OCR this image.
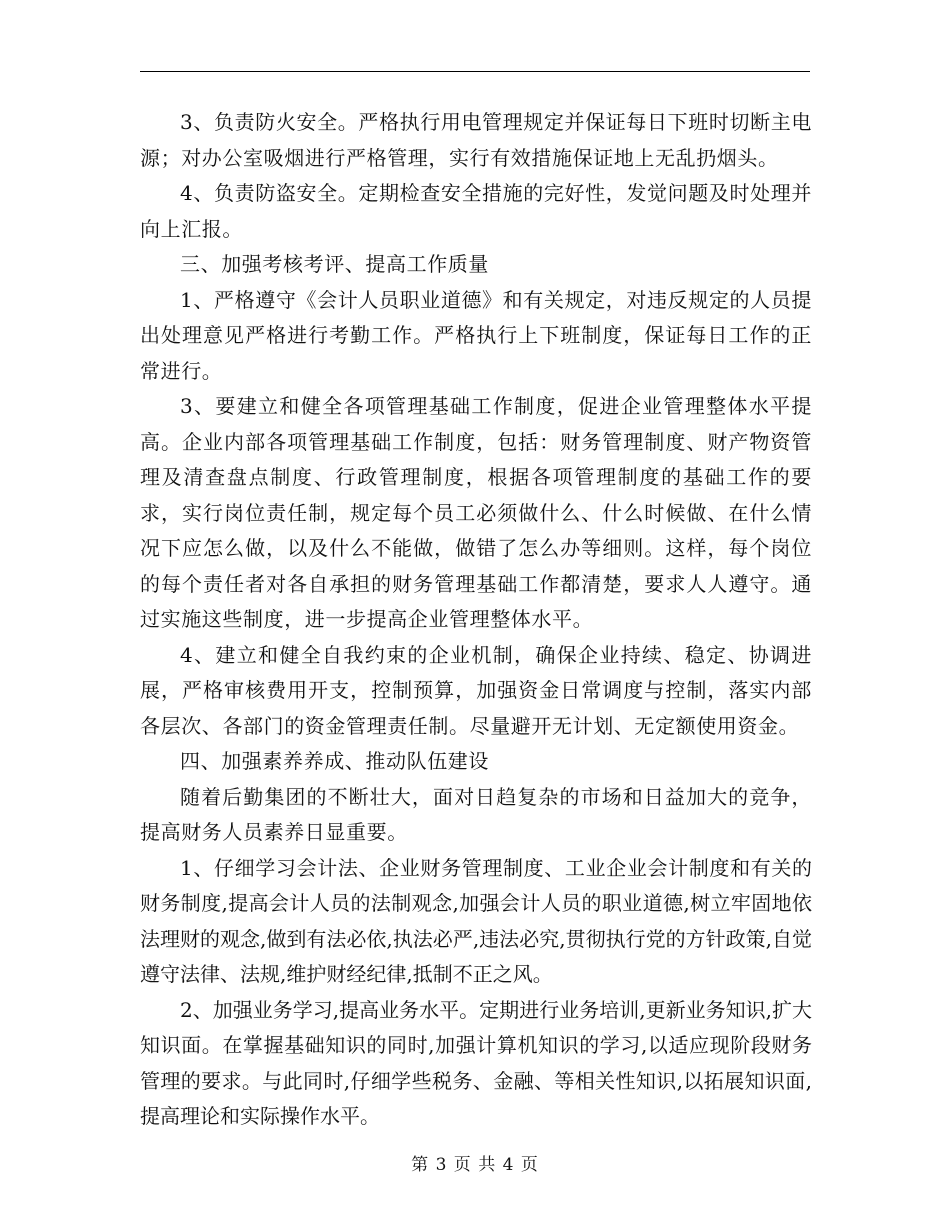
3、负责防火安全。严格执行用电管理规定并保证每日下班时切断主电源；对办公室吸烟进行严格管理，实行有效措施保证地上无乱扔烟头。

4、负责防盗安全。定期检查安全措施的完好性，发觉问题及时处理并向上汇报。

三、加强考核考评、提高工作质量

1、严格遵守《会计人员职业道德》和有关规定，对违反规定的人员提出处理意见严格进行考勤工作。严格执行上下班制度，保证每日工作的正常进行。

3、要建立和健全各项管理基础工作制度，促进企业管理整体水平提高。企业内部各项管理基础工作制度，包括：财务管理制度、财产物资管理及清查盘点制度、行政管理制度，根据各项管理制度的基础工作的要求，实行岗位责任制，规定每个员工必须做什么、什么时候做、在什么情况下应怎么做，以及什么不能做，做错了怎么办等细则。这样，每个岗位的每个责任者对各自承担的财务管理基础工作都清楚，要求人人遵守。通过实施这些制度，进一步提高企业管理整体水平。

4、建立和健全自我约束的企业机制，确保企业持续、稳定、协调进展，严格审核费用开支，控制预算，加强资金日常调度与控制，落实内部各层次、各部门的资金管理责任制。尽量避开无计划、无定额使用资金。

四、加强素养养成、推动队伍建设

随着后勤集团的不断壮大，面对日趋复杂的市场和日益加大的竞争，提高财务人员素养日显重要。

1、仔细学习会计法、企业财务管理制度、工业企业会计制度和有关的财务制度,提高会计人员的法制观念,加强会计人员的职业道德,树立牢固地依法理财的观念,做到有法必依,执法必严,违法必究,贯彻执行党的方针政策,自觉遵守法律、法规,维护财经纪律,抵制不正之风。

2、加强业务学习,提高业务水平。定期进行业务培训,更新业务知识,扩大知识面。在掌握基础知识的同时,加强计算机知识的学习,以适应现阶段财务管理的要求。与此同时,仔细学些税务、金融、等相关性知识,以拓展知识面,提高理论和实际操作水平。

第 3 页 共 4 页
